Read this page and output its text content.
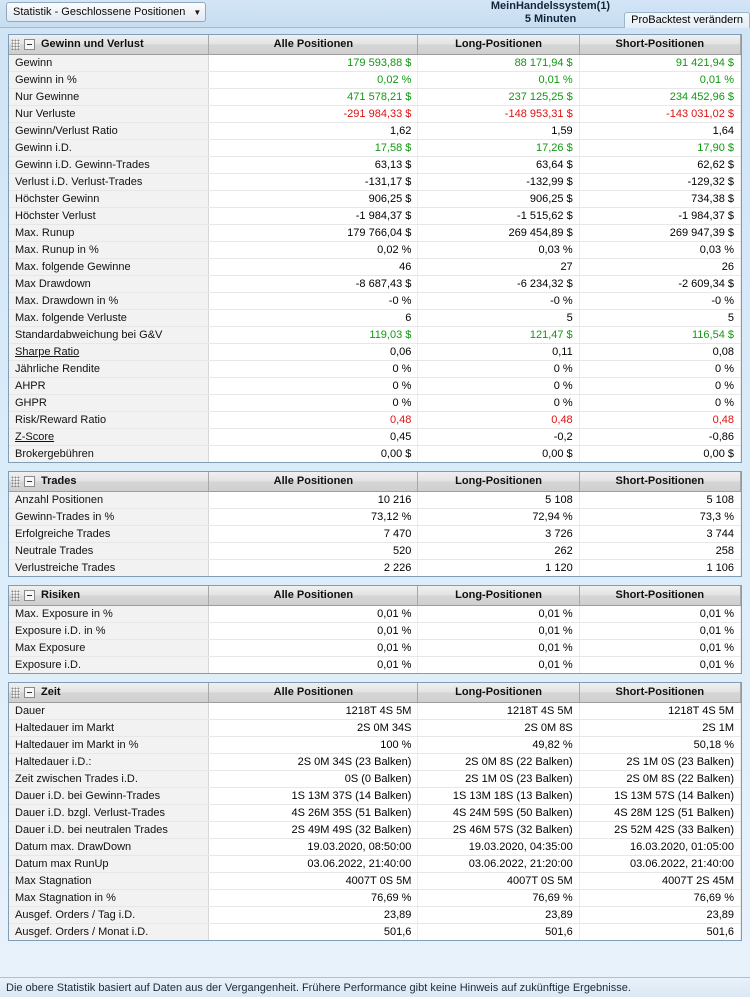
Statistik - Geschlossene Positionen ▼	MeinHandelssystem(1)
5 Minuten	ProBacktest verändern
Gewinn und Verlust	Alle Positionen	Long-Positionen	Short-Positionen
Gewinn	179 593,88 $	88 171,94 $	91 421,94 $
Gewinn in %	0,02 %	0,01 %	0,01 %
Nur Gewinne	471 578,21 $	237 125,25 $	234 452,96 $
Nur Verluste	-291 984,33 $	-148 953,31 $	-143 031,02 $
Gewinn/Verlust Ratio	1,62	1,59	1,64
Gewinn i.D.	17,58 $	17,26 $	17,90 $
Gewinn i.D. Gewinn-Trades	63,13 $	63,64 $	62,62 $
Verlust i.D. Verlust-Trades	-131,17 $	-132,99 $	-129,32 $
Höchster Gewinn	906,25 $	906,25 $	734,38 $
Höchster Verlust	-1 984,37 $	-1 515,62 $	-1 984,37 $
Max. Runup	179 766,04 $	269 454,89 $	269 947,39 $
Max. Runup in %	0,02 %	0,03 %	0,03 %
Max. folgende Gewinne	46	27	26
Max Drawdown	-8 687,43 $	-6 234,32 $	-2 609,34 $
Max. Drawdown in %	-0 %	-0 %	-0 %
Max. folgende Verluste	6	5	5
Standardabweichung bei G&V	119,03 $	121,47 $	116,54 $
Sharpe Ratio	0,06	0,11	0,08
Jährliche Rendite	0 %	0 %	0 %
AHPR	0 %	0 %	0 %
GHPR	0 %	0 %	0 %
Risk/Reward Ratio	0,48	0,48	0,48
Z-Score	0,45	-0,2	-0,86
Brokergebühren	0,00 $	0,00 $	0,00 $
Trades	Alle Positionen	Long-Positionen	Short-Positionen
Anzahl Positionen	10 216	5 108	5 108
Gewinn-Trades in %	73,12 %	72,94 %	73,3 %
Erfolgreiche Trades	7 470	3 726	3 744
Neutrale Trades	520	262	258
Verlustreiche Trades	2 226	1 120	1 106
Risiken	Alle Positionen	Long-Positionen	Short-Positionen
Max. Exposure in %	0,01 %	0,01 %	0,01 %
Exposure i.D. in %	0,01 %	0,01 %	0,01 %
Max Exposure	0,01 %	0,01 %	0,01 %
Exposure i.D.	0,01 %	0,01 %	0,01 %
Zeit	Alle Positionen	Long-Positionen	Short-Positionen
Dauer	1218T 4S 5M	1218T 4S 5M	1218T 4S 5M
Haltedauer im Markt	2S 0M 34S	2S 0M 8S	2S 1M
Haltedauer im Markt in %	100 %	49,82 %	50,18 %
Haltedauer i.D.:	2S 0M 34S (23 Balken)	2S 0M 8S (22 Balken)	2S 1M 0S (23 Balken)
Zeit zwischen Trades i.D.	0S (0 Balken)	2S 1M 0S (23 Balken)	2S 0M 8S (22 Balken)
Dauer i.D. bei Gewinn-Trades	1S 13M 37S (14 Balken)	1S 13M 18S (13 Balken)	1S 13M 57S (14 Balken)
Dauer i.D. bzgl. Verlust-Trades	4S 26M 35S (51 Balken)	4S 24M 59S (50 Balken)	4S 28M 12S (51 Balken)
Dauer i.D. bei neutralen Trades	2S 49M 49S (32 Balken)	2S 46M 57S (32 Balken)	2S 52M 42S (33 Balken)
Datum max. DrawDown	19.03.2020, 08:50:00	19.03.2020, 04:35:00	16.03.2020, 01:05:00
Datum max RunUp	03.06.2022, 21:40:00	03.06.2022, 21:20:00	03.06.2022, 21:40:00
Max Stagnation	4007T 0S 5M	4007T 0S 5M	4007T 2S 45M
Max Stagnation in %	76,69 %	76,69 %	76,69 %
Ausgef. Orders / Tag i.D.	23,89	23,89	23,89
Ausgef. Orders / Monat i.D.	501,6	501,6	501,6
Die obere Statistik basiert auf Daten aus der Vergangenheit. Frühere Performance gibt keine Hinweis auf zukünftige Ergebnisse.
